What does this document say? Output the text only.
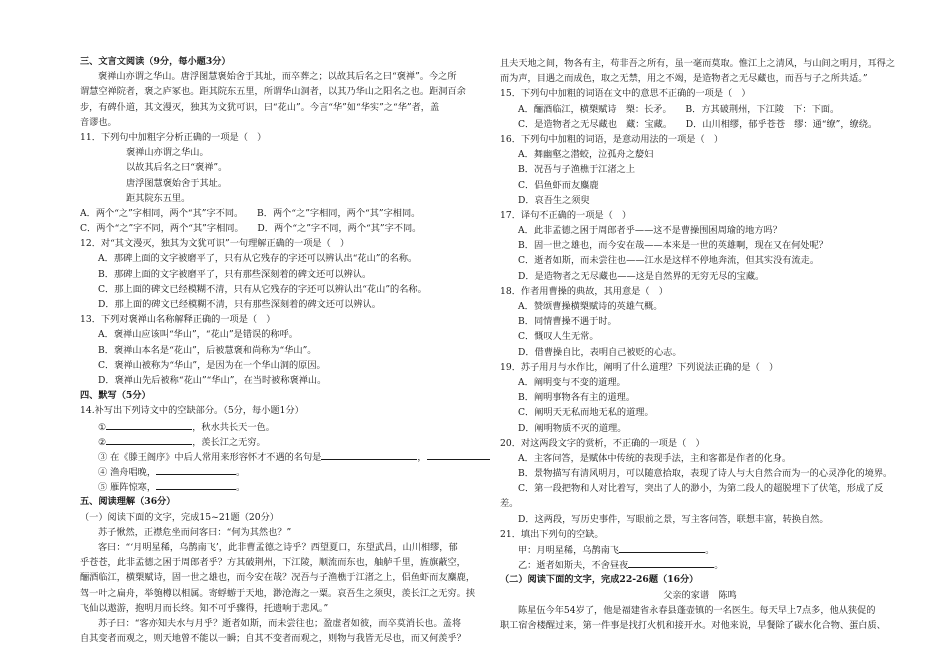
三、文言文阅读（9分，每小题3分）
褒禅山亦谓之华山。唐浮图慧褒始舍于其址，而卒葬之；以故其后名之曰“褒禅”。今之所
谓慧空禅院者，褒之庐冢也。距其院东五里，所谓华山洞者，以其乃华山之阳名之也。距洞百余
步，有碑仆道，其文漫灭，独其为文犹可识，曰“花山”。今言“华”如“华实”之“华”者，盖
音谬也。
11．下列句中加粗字分析正确的一项是（　）
褒禅山亦谓之华山。
以故其后名之曰“褒禅”。
唐浮图慧褒始舍于其址。
距其院东五里。
A．两个“之”字相同，两个“其”字不同。　　B．两个“之”字相同，两个“其”字相同。
C．两个“之”字不同，两个“其”字相同。　　D．两个“之”字不同，两个“其”字不同。
12．对“其文漫灭，独其为文犹可识”一句理解正确的一项是（　）
A．那碑上面的文字被磨平了，只有从它残存的字还可以辨认出“花山”的名称。
B．那碑上面的文字被磨平了，只有那些深刻着的碑文还可以辨认。
C．那上面的碑文已经模糊不清，只有从它残存的字还可以辨认出“花山”的名称。
D．那上面的碑文已经模糊不清，只有那些深刻着的碑文还可以辨认。
13．下列对褒禅山名称解释正确的一项是（　）
A．褒禅山应该叫“华山”，“花山”是错误的称呼。
B．褒禅山本名是“花山”，后被慧褒和尚称为“华山”。
C．褒禅山被称为“华山”，是因为在一个华山洞的原因。
D．褒禅山先后被称“花山”“华山”，在当时被称褒禅山。
四、默写（5分）
14.补写出下列诗文中的空缺部分。（5分，每小题1分）
①	，秋水共长天一色。
②	，羡长江之无穷。
③ 在《滕王阁序》中后人常用来形容怀才不遇的名句是	，
④ 渔舟唱晚，	。
⑤ 雁阵惊寒，	。
五、阅读理解（36分）
（一）阅读下面的文字，完成15~21题（20分）
苏子愀然，正襟危坐而问客曰：“何为其然也？”
客曰：“‘月明星稀，乌鹊南飞’，此非曹孟德之诗乎？西望夏口，东望武昌，山川相缪，郁
乎苍苍，此非孟德之困于周郎者乎？方其破荆州，下江陵，顺流而东也，舳舻千里，旌旗蔽空，
酾酒临江，横槊赋诗，固一世之雄也，而今安在哉？况吾与子渔樵于江渚之上，侣鱼虾而友麋鹿，
驾一叶之扁舟，举匏樽以相属。寄蜉蝣于天地，渺沧海之一粟。哀吾生之须臾，羡长江之无穷。挟
飞仙以遨游，抱明月而长终。知不可乎骤得，托遗响于悲风。”
苏子曰：“客亦知夫水与月乎？逝者如斯，而未尝往也；盈虚者如彼，而卒莫消长也。盖将
自其变者而观之，则天地曾不能以一瞬；自其不变者而观之，则物与我皆无尽也，而又何羡乎？
且夫天地之间，物各有主，苟非吾之所有，虽一毫而莫取。惟江上之清风，与山间之明月，耳得之
而为声，目遇之而成色，取之无禁，用之不竭，是造物者之无尽藏也，而吾与子之所共适。”
15．下列句中加粗的词语在文中的意思不正确的一项是（　）
A．酾酒临江，横槊赋诗　槊：长矛。　　B．方其破荆州，下江陵　下：下面。
C．是造物者之无尽藏也　藏：宝藏。　　D．山川相缪，郁乎苍苍　缪：通“缭”，缭绕。
16．下列句中加粗的词语，是意动用法的一项是（　）
A．舞幽壑之潜蛟，泣孤舟之嫠妇
B．况吾与子渔樵于江渚之上
C．侣鱼虾而友麋鹿
D．哀吾生之须臾
17．译句不正确的一项是（　）
A．此非孟德之困于周郎者乎——这不是曹操围困周瑜的地方吗？
B．固一世之雄也，而今安在哉——本来是一世的英雄啊，现在又在何处呢？
C．逝者如斯，而未尝往也——江水是这样不停地奔流，但其实没有流走。
D．是造物者之无尽藏也——这是自然界的无穷无尽的宝藏。
18．作者用曹操的典故，其用意是（　）
A．赞颂曹操横槊赋诗的英雄气概。
B．同情曹操不遇于时。
C．慨叹人生无常。
D．借曹操自比，表明自己被贬的心志。
19．苏子用月与水作比，阐明了什么道理？下列说法正确的是（　）
A．阐明变与不变的道理。
B．阐明事物各有主的道理。
C．阐明天无私而地无私的道理。
D．阐明物质不灭的道理。
20．对这两段文字的赏析，不正确的一项是（　）
A．主客问答，是赋体中传统的表现手法，主和客都是作者的化身。
B．景物描写有清风明月，可以随意拾取，表现了诗人与大自然合而为一的心灵净化的境界。
C．第一段把物和人对比着写，突出了人的渺小，为第二段人的超脱埋下了伏笔，形成了反
差。
D．这两段，写历史事件，写眼前之景，写主客问答，联想丰富，转换自然。
21．填出下列句的空缺。
甲：月明星稀，乌鹊南飞	。
乙：逝者如斯夫，不舍昼夜	。
（二）阅读下面的文字，完成22-26题（16分）
父亲的家谱　陈鸣
陈星伍今年54岁了，他是福建省永春县蓬壶镇的一名医生。每天早上7点多，他从狭促的
职工宿舍楼醒过来，第一件事是找打火机和接开水。对他来说，早餐除了碳水化合物、蛋白质、
